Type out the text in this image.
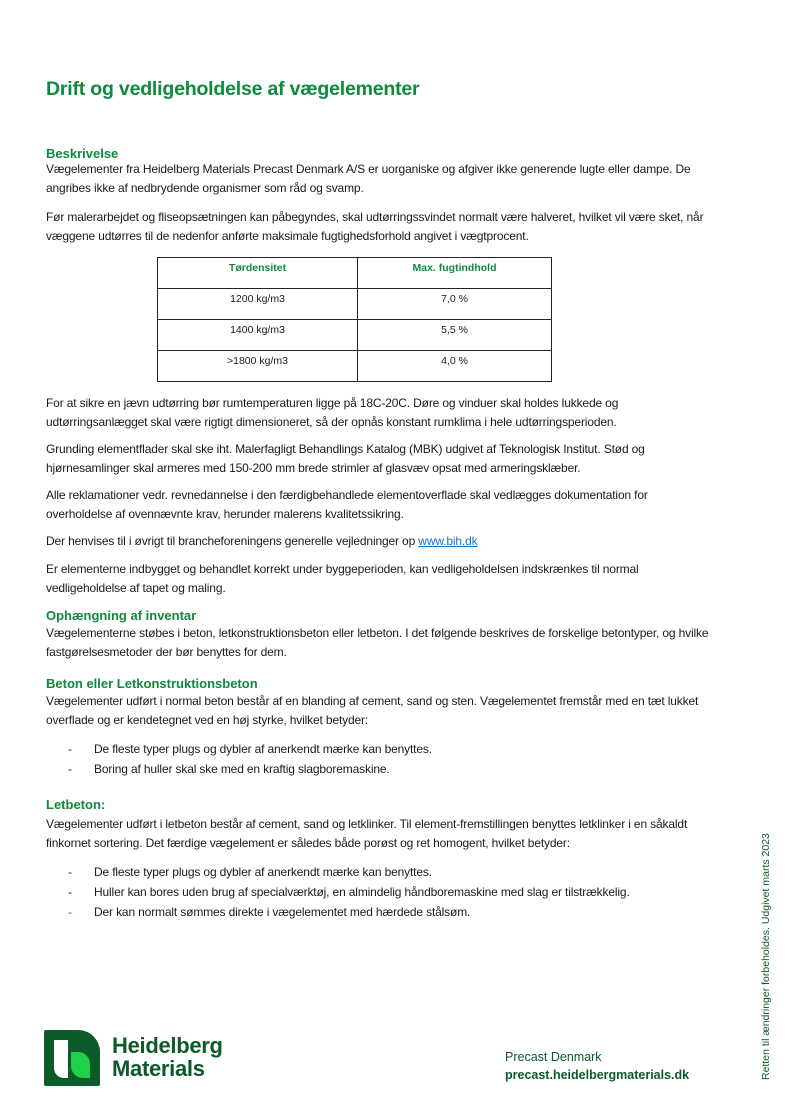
Drift og vedligeholdelse af vægelementer
Beskrivelse
Vægelementer fra Heidelberg Materials Precast Denmark A/S er uorganiske og afgiver ikke generende lugte eller dampe. De angribes ikke af nedbrydende organismer som råd og svamp.
Før malerarbejdet og fliseopsætningen kan påbegyndes, skal udtørringssvindet normalt være halveret, hvilket vil være sket, når væggene udtørres til de nedenfor anførte maksimale fugtighedsforhold angivet i vægtprocent.
Tørdensitet	Max. fugtindhold
1200 kg/m3	7,0 %
1400 kg/m3	5,5 %
>1800 kg/m3	4,0 %
For at sikre en jævn udtørring bør rumtemperaturen ligge på 18C-20C. Døre og vinduer skal holdes lukkede og udtørringsanlægget skal være rigtigt dimensioneret, så der opnås konstant rumklima i hele udtørringsperioden.
Grunding elementflader skal ske iht. Malerfagligt Behandlings Katalog (MBK) udgivet af Teknologisk Institut. Stød og hjørnesamlinger skal armeres med 150-200 mm brede strimler af glasvæv opsat med armeringsklæber.
Alle reklamationer vedr. revnedannelse i den færdigbehandlede elementoverflade skal vedlægges dokumentation for overholdelse af ovennævnte krav, herunder malerens kvalitetssikring.
Der henvises til i øvrigt til brancheforeningens generelle vejledninger op www.bih.dk
Er elementerne indbygget og behandlet korrekt under byggeperioden, kan vedligeholdelsen indskrænkes til normal vedligeholdelse af tapet og maling.
Ophængning af inventar
Vægelementerne støbes i beton, letkonstruktionsbeton eller letbeton. I det følgende beskrives de forskelige betontyper, og hvilke fastgørelsesmetoder der bør benyttes for dem.
Beton eller Letkonstruktionsbeton
Vægelementer udført i normal beton består af en blanding af cement, sand og sten. Vægelementet fremstår med en tæt lukket overflade og er kendetegnet ved en høj styrke, hvilket betyder:
- De fleste typer plugs og dybler af anerkendt mærke kan benyttes.
- Boring af huller skal ske med en kraftig slagboremaskine.
Letbeton:
Vægelementer udført i letbeton består af cement, sand og letklinker. Til element-fremstillingen benyttes letklinker i en såkaldt finkornet sortering. Det færdige vægelement er således både porøst og ret homogent, hvilket betyder:
- De fleste typer plugs og dybler af anerkendt mærke kan benyttes.
- Huller kan bores uden brug af specialværktøj, en almindelig håndboremaskine med slag er tilstrækkelig.
- Der kan normalt sømmes direkte i vægelementet med hærdede stålsøm.
Heidelberg
Materials	Precast Denmark
precast.heidelbergmaterials.dk	Retten til ændringer forbeholdes. Udgivet marts 2023
